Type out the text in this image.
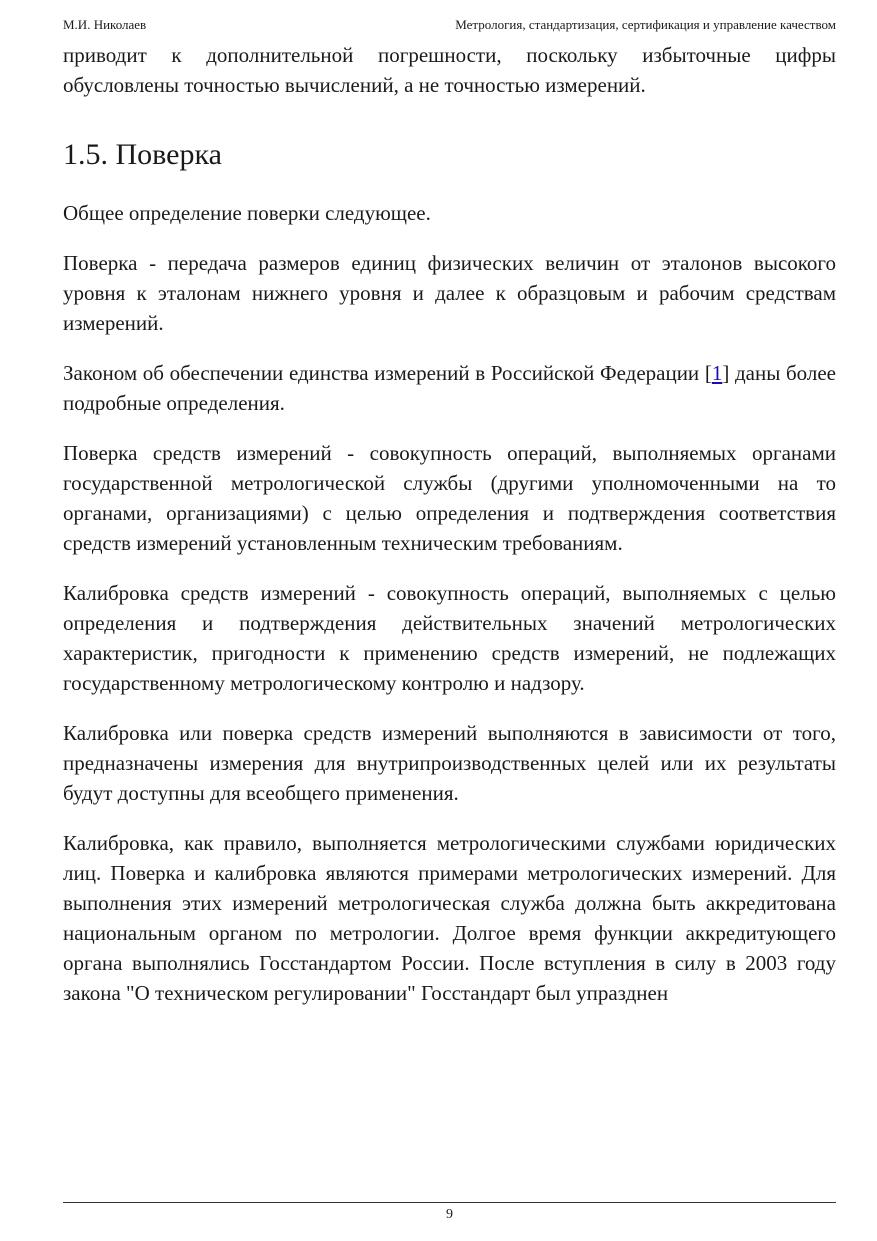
М.И. Николаев	Метрология, стандартизация, сертификация и управление качеством

приводит к дополнительной погрешности, поскольку избыточные цифры обусловлены точностью вычислений, а не точностью измерений.

1.5. Поверка

Общее определение поверки следующее.

Поверка - передача размеров единиц физических величин от эталонов высокого уровня к эталонам нижнего уровня и далее к образцовым и рабочим средствам измерений.

Законом об обеспечении единства измерений в Российской Федерации [1] даны более подробные определения.

Поверка средств измерений - совокупность операций, выполняемых органами государственной метрологической службы (другими уполномоченными на то органами, организациями) с целью определения и подтверждения соответствия средств измерений установленным техническим требованиям.

Калибровка средств измерений - совокупность операций, выполняемых с целью определения и подтверждения действительных значений метрологических характеристик, пригодности к применению средств измерений, не подлежащих государственному метрологическому контролю и надзору.

Калибровка или поверка средств измерений выполняются в зависимости от того, предназначены измерения для внутрипроизводственных целей или их результаты будут доступны для всеобщего применения.

Калибровка, как правило, выполняется метрологическими службами юридических лиц. Поверка и калибровка являются примерами метрологических измерений. Для выполнения этих измерений метрологическая служба должна быть аккредитована национальным органом по метрологии. Долгое время функции аккредитующего органа выполнялись Госстандартом России. После вступления в силу в 2003 году закона "О техническом регулировании" Госстандарт был упразднен

9
